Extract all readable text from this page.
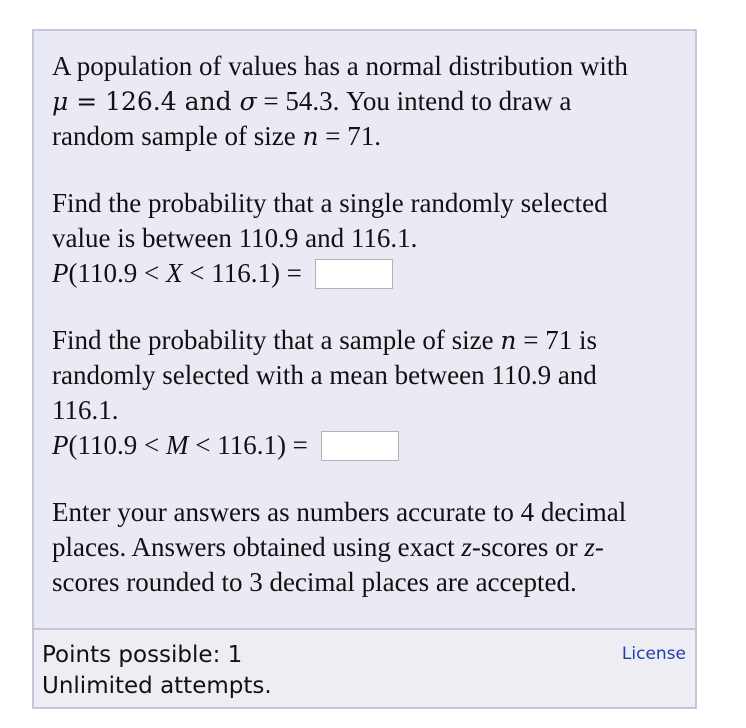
A population of values has a normal distribution with
μ = 126.4 and σ = 54.3. You intend to draw a
random sample of size n = 71.

Find the probability that a single randomly selected
value is between 110.9 and 116.1.
P(110.9 < X < 116.1) =

Find the probability that a sample of size n = 71 is
randomly selected with a mean between 110.9 and
116.1.
P(110.9 < M < 116.1) =

Enter your answers as numbers accurate to 4 decimal
places. Answers obtained using exact z-scores or z-
scores rounded to 3 decimal places are accepted.

Points possible: 1
Unlimited attempts.
License
